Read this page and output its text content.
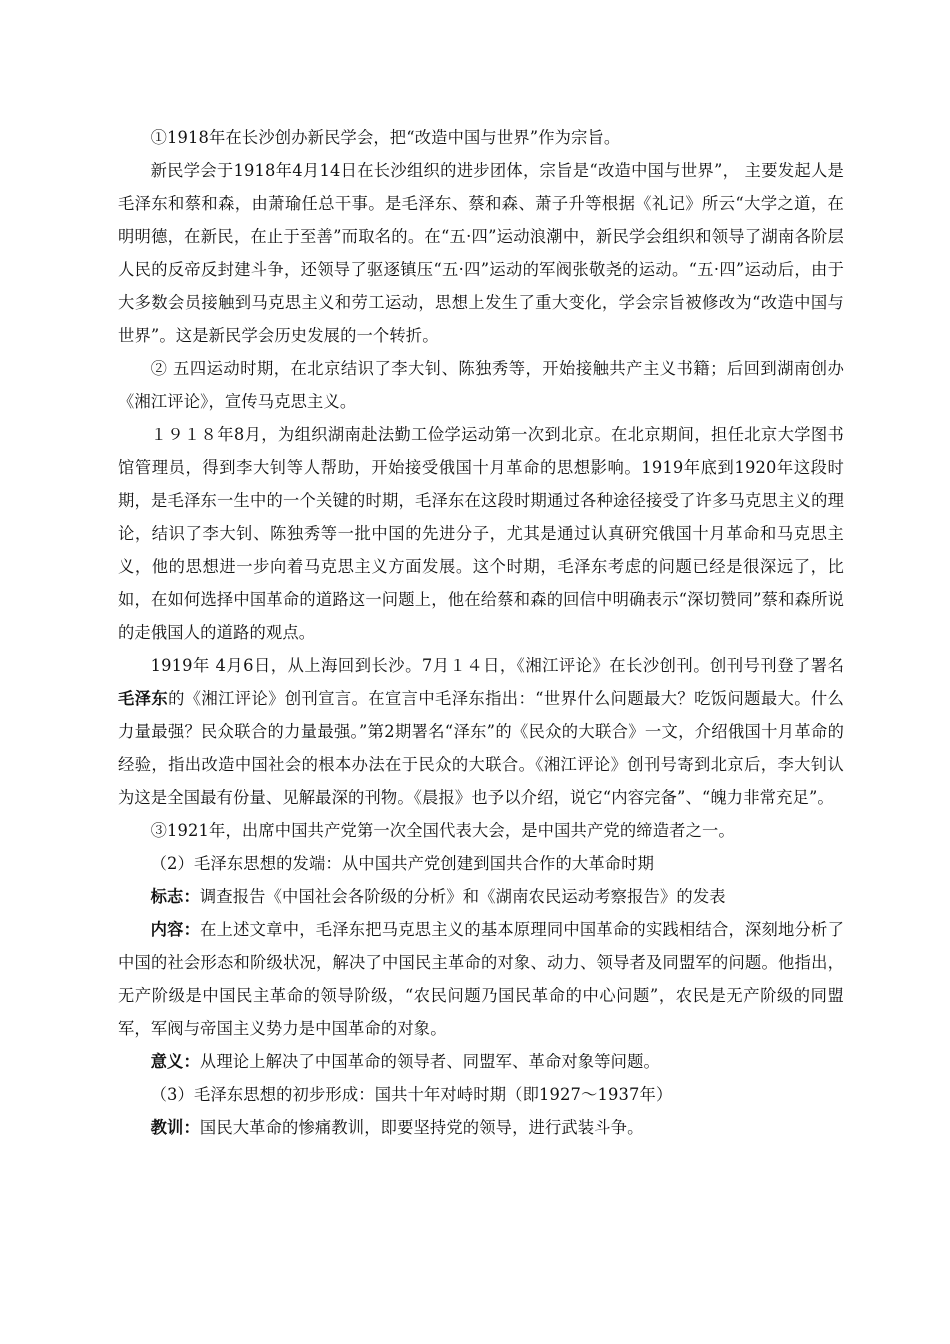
①1918年在长沙创办新民学会，把“改造中国与世界”作为宗旨。

新民学会于1918年4月14日在长沙组织的进步团体，宗旨是“改造中国与世界”， 主要发起人是毛泽东和蔡和森，由萧瑜任总干事。是毛泽东、蔡和森、萧子升等根据《礼记》所云“大学之道，在明明德，在新民，在止于至善”而取名的。在“五·四”运动浪潮中，新民学会组织和领导了湖南各阶层人民的反帝反封建斗争，还领导了驱逐镇压“五·四”运动的军阀张敬尧的运动。“五·四”运动后，由于大多数会员接触到马克思主义和劳工运动，思想上发生了重大变化，学会宗旨被修改为“改造中国与世界”。这是新民学会历史发展的一个转折。

② 五四运动时期，在北京结识了李大钊、陈独秀等，开始接触共产主义书籍；后回到湖南创办《湘江评论》，宣传马克思主义。

１９１８年8月，为组织湖南赴法勤工俭学运动第一次到北京。在北京期间，担任北京大学图书馆管理员，得到李大钊等人帮助，开始接受俄国十月革命的思想影响。1919年底到1920年这段时期，是毛泽东一生中的一个关键的时期，毛泽东在这段时期通过各种途径接受了许多马克思主义的理论，结识了李大钊、陈独秀等一批中国的先进分子，尤其是通过认真研究俄国十月革命和马克思主义，他的思想进一步向着马克思主义方面发展。这个时期，毛泽东考虑的问题已经是很深远了，比如，在如何选择中国革命的道路这一问题上，他在给蔡和森的回信中明确表示“深切赞同”蔡和森所说的走俄国人的道路的观点。

1919年 4月6日，从上海回到长沙。7月１４日，《湘江评论》在长沙创刊。创刊号刊登了署名毛泽东的《湘江评论》创刊宣言。在宣言中毛泽东指出：“世界什么问题最大？吃饭问题最大。什么力量最强？民众联合的力量最强。”第2期署名“泽东”的《民众的大联合》一文，介绍俄国十月革命的经验，指出改造中国社会的根本办法在于民众的大联合。《湘江评论》创刊号寄到北京后，李大钊认为这是全国最有份量、见解最深的刊物。《晨报》也予以介绍，说它“内容完备”、“魄力非常充足”。

③1921年，出席中国共产党第一次全国代表大会，是中国共产党的缔造者之一。

（2）毛泽东思想的发端：从中国共产党创建到国共合作的大革命时期

标志：调查报告《中国社会各阶级的分析》和《湖南农民运动考察报告》的发表

内容：在上述文章中，毛泽东把马克思主义的基本原理同中国革命的实践相结合，深刻地分析了中国的社会形态和阶级状况，解决了中国民主革命的对象、动力、领导者及同盟军的问题。他指出，无产阶级是中国民主革命的领导阶级，“农民问题乃国民革命的中心问题”，农民是无产阶级的同盟军，军阀与帝国主义势力是中国革命的对象。

意义：从理论上解决了中国革命的领导者、同盟军、革命对象等问题。

（3）毛泽东思想的初步形成：国共十年对峙时期（即1927～1937年）

教训：国民大革命的惨痛教训，即要坚持党的领导，进行武装斗争。
